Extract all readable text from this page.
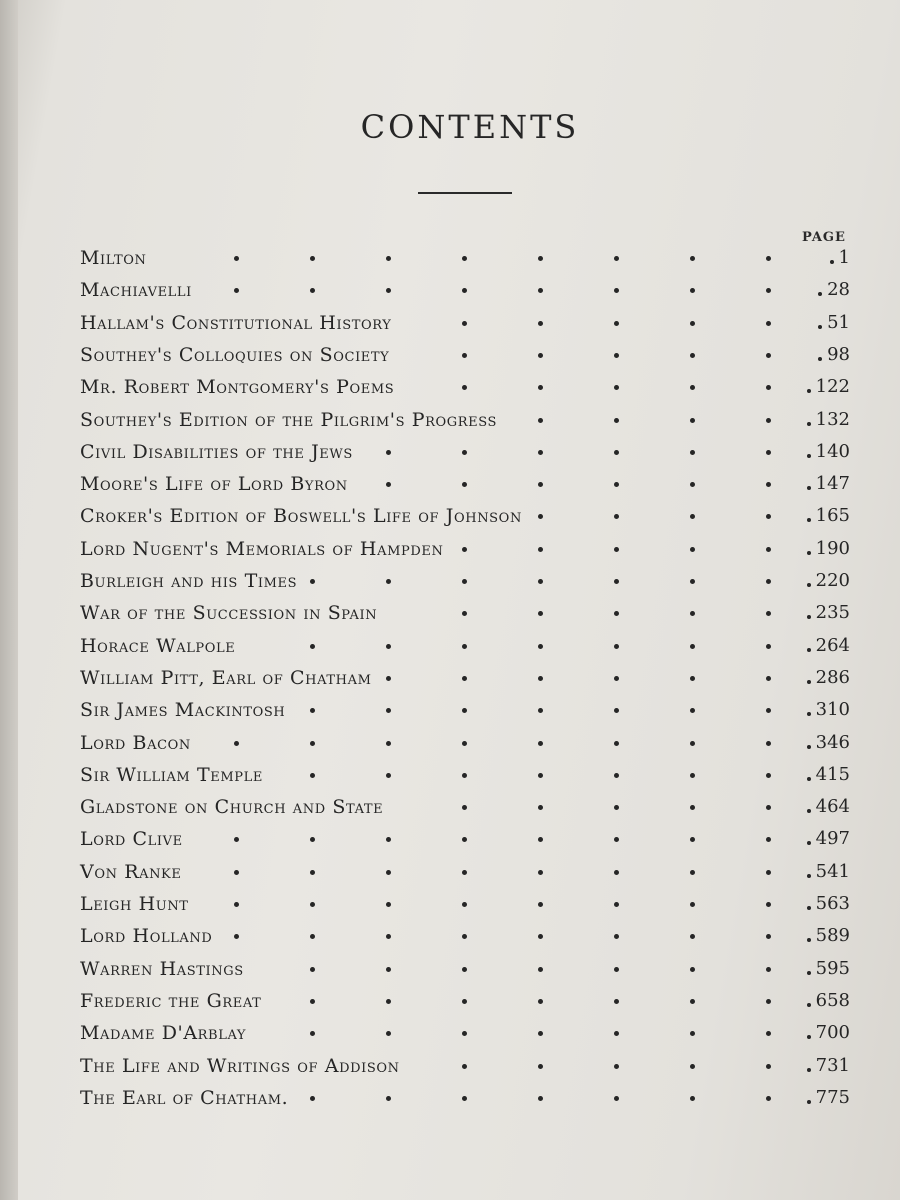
CONTENTS
PAGE
Milton	1
Machiavelli	28
Hallam's Constitutional History	51
Southey's Colloquies on Society	98
Mr. Robert Montgomery's Poems	122
Southey's Edition of the Pilgrim's Progress	132
Civil Disabilities of the Jews	140
Moore's Life of Lord Byron	147
Croker's Edition of Boswell's Life of Johnson	165
Lord Nugent's Memorials of Hampden	190
Burleigh and his Times	220
War of the Succession in Spain	235
Horace Walpole	264
William Pitt, Earl of Chatham	286
Sir James Mackintosh	310
Lord Bacon	346
Sir William Temple	415
Gladstone on Church and State	464
Lord Clive	497
Von Ranke	541
Leigh Hunt	563
Lord Holland	589
Warren Hastings	595
Frederic the Great	658
Madame D'Arblay	700
The Life and Writings of Addison	731
The Earl of Chatham.	775
